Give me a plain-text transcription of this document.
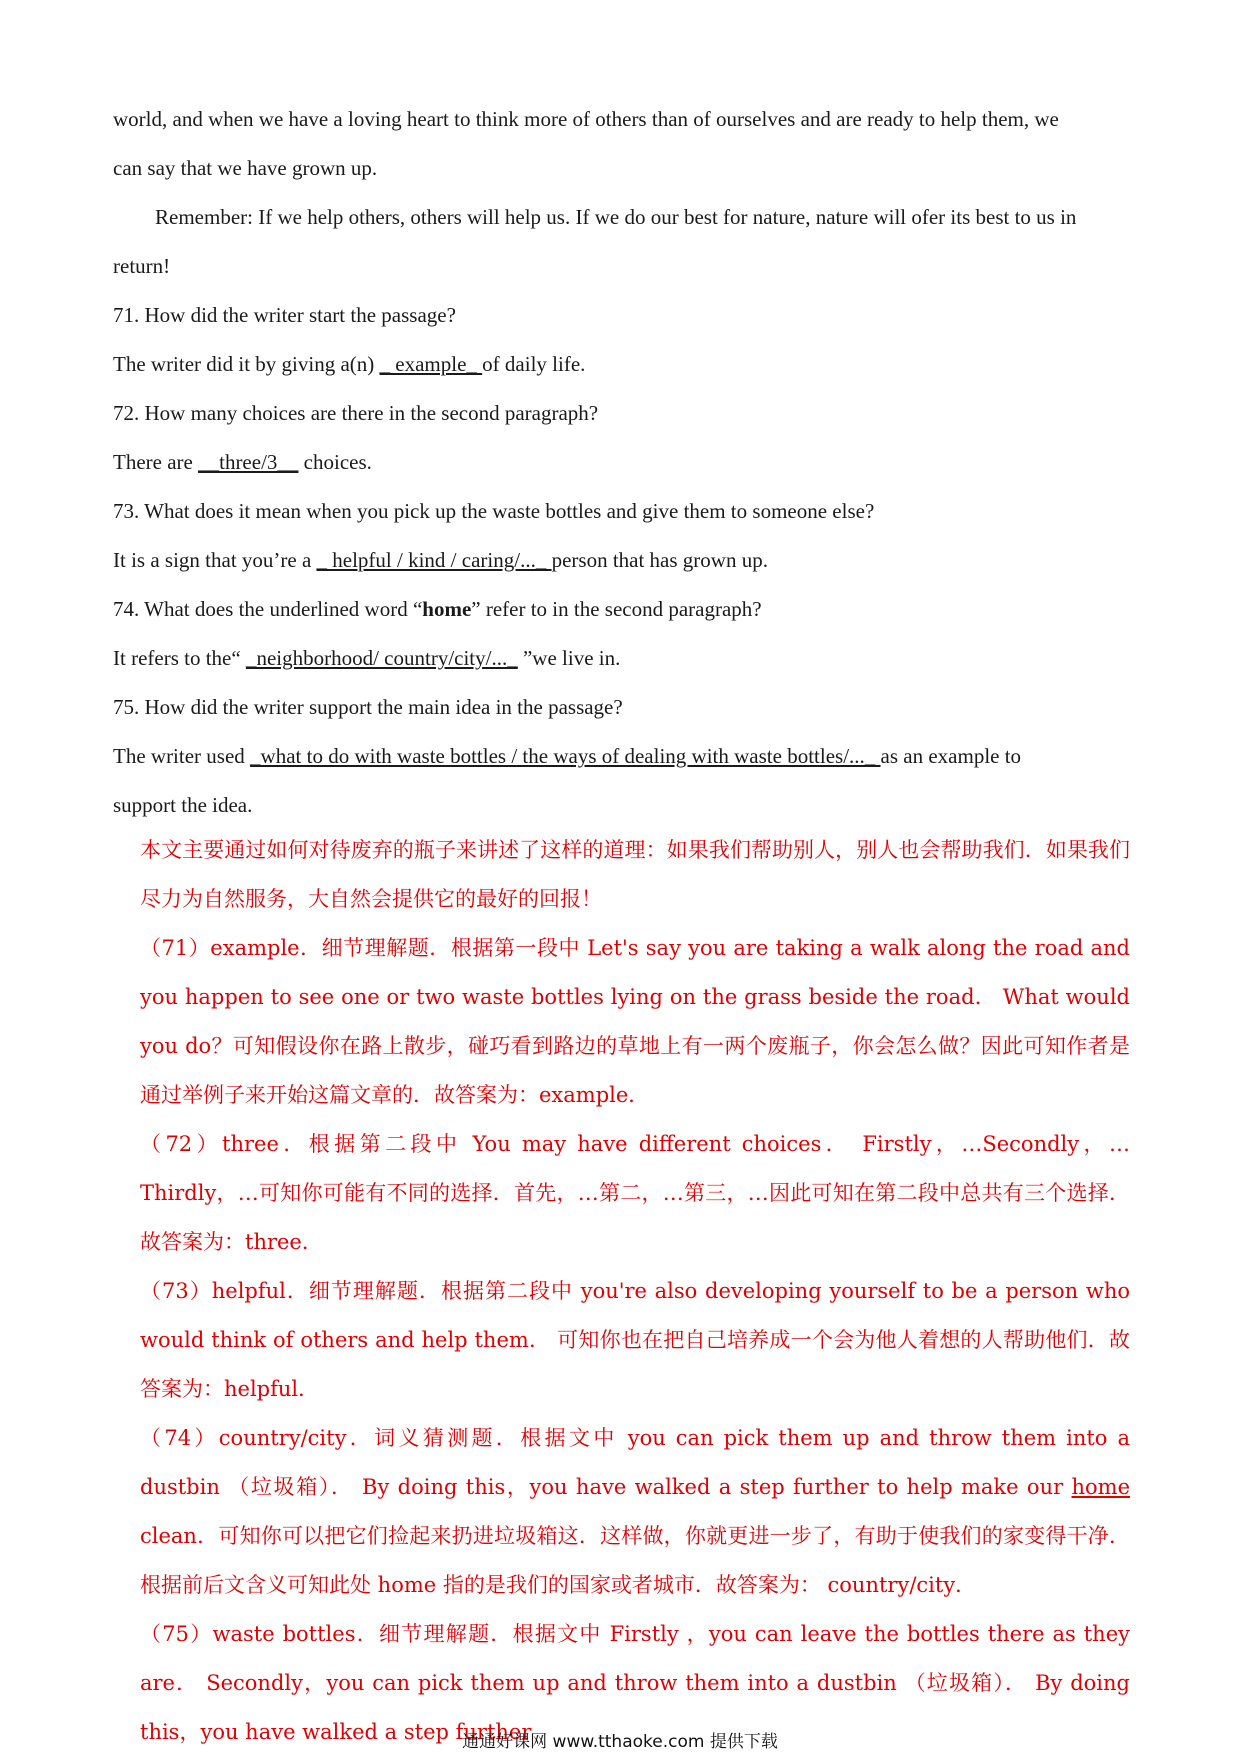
world, and when we have a loving heart to think more of others than of ourselves and are ready to help them, we
can say that we have grown up.
Remember: If we help others, others will help us. If we do our best for nature, nature will ofer its best to us in
return!
71. How did the writer start the passage?
The writer did it by giving a(n) _ example_ of daily life.
72. How many choices are there in the second paragraph?
There are __three/3__ choices.
73. What does it mean when you pick up the waste bottles and give them to someone else?
It is a sign that you’re a _ helpful / kind / caring/..._ person that has grown up.
74. What does the underlined word “home” refer to in the second paragraph?
It refers to the“ _neighborhood/ country/city/..._ ”we live in.
75. How did the writer support the main idea in the passage?
The writer used _what to do with waste bottles / the ways of dealing with waste bottles/..._ as an example to
support the idea.

本文主要通过如何对待废弃的瓶子来讲述了这样的道理：如果我们帮助别人，别人也会帮助我们．如果我们尽力为自然服务，大自然会提供它的最好的回报！

（71）example．细节理解题．根据第一段中 Let's say you are taking a walk along the road and you happen to see one or two waste bottles lying on the grass beside the road． What would you do？可知假设你在路上散步，碰巧看到路边的草地上有一两个废瓶子，你会怎么做？因此可知作者是通过举例子来开始这篇文章的．故答案为：example．

（72）three．根据第二段中 You may have different choices． Firstly，…Secondly，…Thirdly，…可知你可能有不同的选择．首先，…第二，…第三，…因此可知在第二段中总共有三个选择．故答案为：three．

（73）helpful．细节理解题．根据第二段中 you're also developing yourself to be a person who would think of others and help them． 可知你也在把自己培养成一个会为他人着想的人帮助他们．故答案为：helpful．

（74）country/city．词义猜测题．根据文中 you can pick them up and throw them into a dustbin （垃圾箱）． By doing this，you have walked a step further to help make our home clean．可知你可以把它们捡起来扔进垃圾箱这．这样做，你就更进一步了，有助于使我们的家变得干净．根据前后文含义可知此处 home 指的是我们的国家或者城市．故答案为： country/city．

（75）waste bottles．细节理解题．根据文中 Firstly ，you can leave the bottles there as they are． Secondly，you can pick them up and throw them into a dustbin （垃圾箱）． By doing this，you have walked a step further

通通好课网 www.tthaoke.com 提供下载
